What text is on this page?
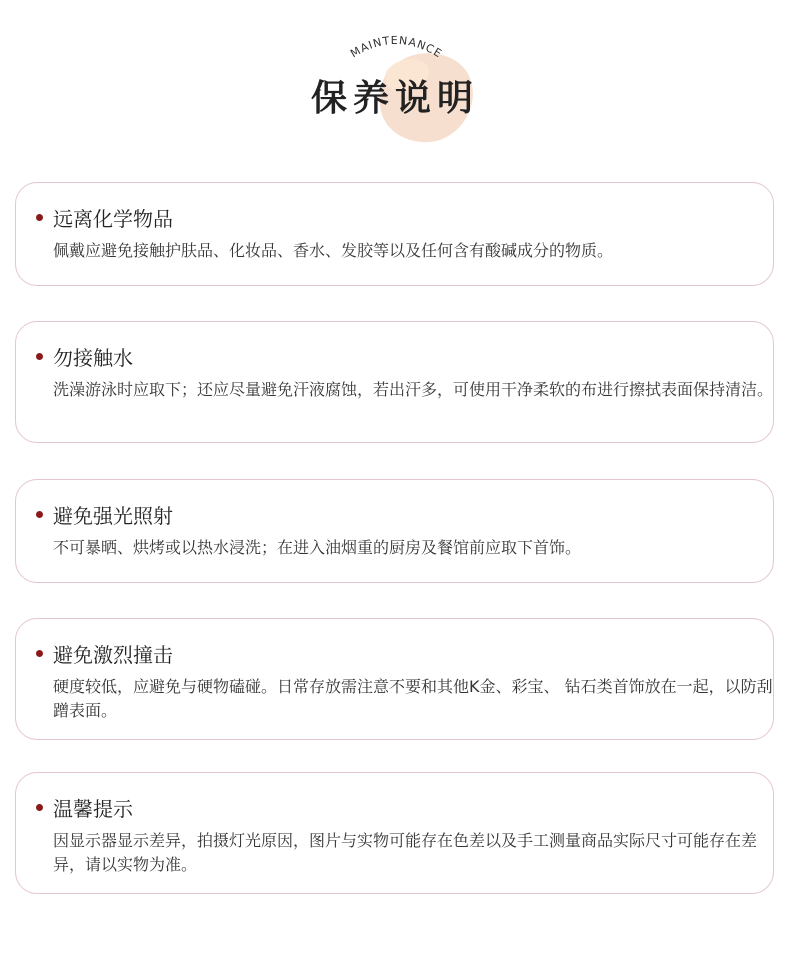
MAINTENANCE
保养说明
远离化学物品
佩戴应避免接触护肤品、化妆品、香水、发胶等以及任何含有酸碱成分的物质。
勿接触水
洗澡游泳时应取下；还应尽量避免汗液腐蚀，若出汗多，可使用干净柔软的布进行擦拭表面保持清洁。
避免强光照射
不可暴晒、烘烤或以热水浸洗；在进入油烟重的厨房及餐馆前应取下首饰。
避免激烈撞击
硬度较低，应避免与硬物磕碰。日常存放需注意不要和其他K金、彩宝、 钻石类首饰放在一起，以防刮蹭表面。
温馨提示
因显示器显示差异，拍摄灯光原因，图片与实物可能存在色差以及手工测量商品实际尺寸可能存在差异，请以实物为准。
